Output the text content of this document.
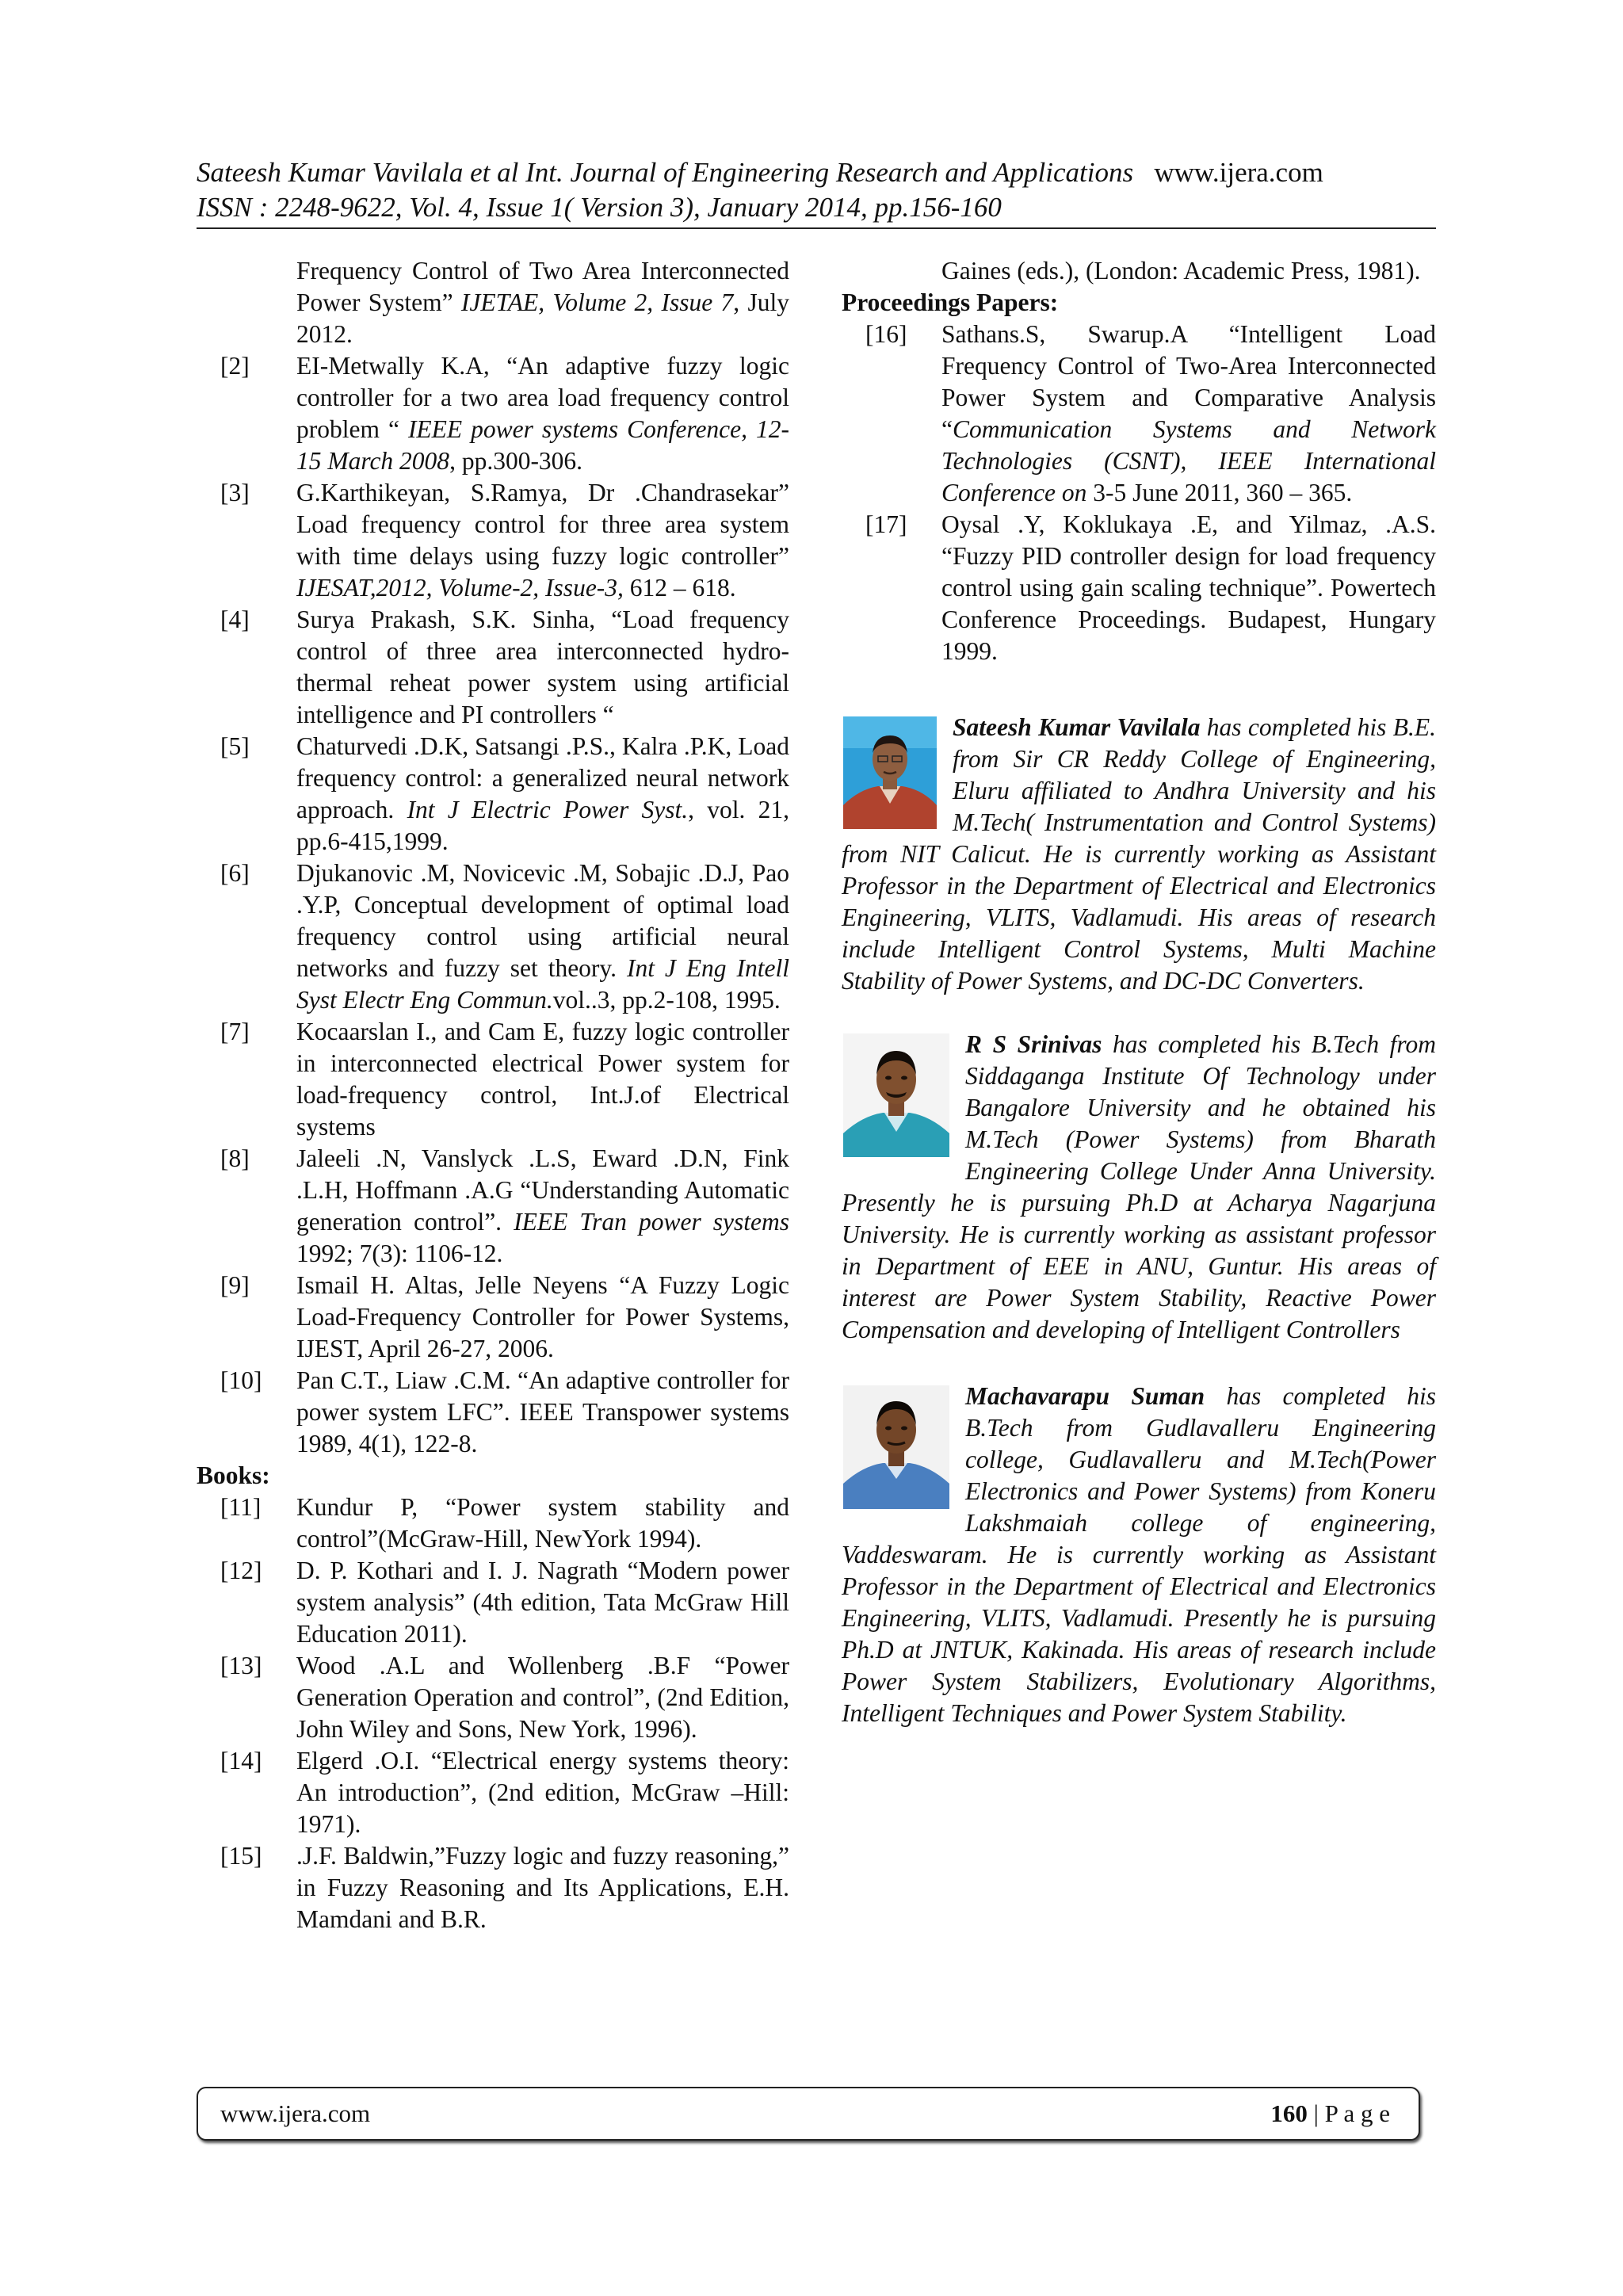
Sateesh Kumar Vavilala et al Int. Journal of Engineering Research and Applications www.ijera.com
ISSN : 2248-9622, Vol. 4, Issue 1( Version 3), January 2014, pp.156-160
Frequency Control of Two Area Interconnected Power System” IJETAE, Volume 2, Issue 7, July 2012.
[2]	EI-Metwally K.A, “An adaptive fuzzy logic controller for a two area load frequency control problem “ IEEE power systems Conference, 12-15 March 2008, pp.300-306.
[3]	G.Karthikeyan, S.Ramya, Dr .Chandrasekar” Load frequency control for three area system with time delays using fuzzy logic controller” IJESAT,2012, Volume-2, Issue-3, 612 – 618.
[4]	Surya Prakash, S.K. Sinha, “Load frequency control of three area interconnected hydro-thermal reheat power system using artificial intelligence and PI controllers “
[5]	Chaturvedi .D.K, Satsangi .P.S., Kalra .P.K, Load frequency control: a generalized neural network approach. Int J Electric Power Syst., vol. 21, pp.6-415,1999.
[6]	Djukanovic .M, Novicevic .M, Sobajic .D.J, Pao .Y.P, Conceptual development of optimal load frequency control using artificial neural networks and fuzzy set theory. Int J Eng Intell Syst Electr Eng Commun.vol..3, pp.2-108, 1995.
[7]	Kocaarslan I., and Cam E, fuzzy logic controller in interconnected electrical Power system for load-frequency control, Int.J.of Electrical systems
[8]	Jaleeli .N, Vanslyck .L.S, Eward .D.N, Fink .L.H, Hoffmann .A.G “Understanding Automatic generation control”. IEEE Tran power systems 1992; 7(3): 1106-12.
[9]	Ismail H. Altas, Jelle Neyens “A Fuzzy Logic Load-Frequency Controller for Power Systems, IJEST, April 26-27, 2006.
[10]	Pan C.T., Liaw .C.M. “An adaptive controller for power system LFC”. IEEE Transpower systems 1989, 4(1), 122-8.
Books:
[11]	Kundur P, “Power system stability and control”(McGraw-Hill, NewYork 1994).
[12]	D. P. Kothari and I. J. Nagrath “Modern power system analysis” (4th edition, Tata McGraw Hill Education 2011).
[13]	Wood .A.L and Wollenberg .B.F “Power Generation Operation and control”, (2nd Edition, John Wiley and Sons, New York, 1996).
[14]	Elgerd .O.I. “Electrical energy systems theory: An introduction”, (2nd edition, McGraw –Hill: 1971).
[15]	.J.F. Baldwin,”Fuzzy logic and fuzzy reasoning,” in Fuzzy Reasoning and Its Applications, E.H. Mamdani and B.R.
Gaines (eds.), (London: Academic Press, 1981).
Proceedings Papers:
[16]	Sathans.S, Swarup.A “Intelligent Load Frequency Control of Two-Area Interconnected Power System and Comparative Analysis “Communication Systems and Network Technologies (CSNT), IEEE International Conference on 3-5 June 2011, 360 – 365.
[17]	Oysal .Y, Koklukaya .E, and Yilmaz, .A.S. “Fuzzy PID controller design for load frequency control using gain scaling technique”. Powertech Conference Proceedings. Budapest, Hungary 1999.
Sateesh Kumar Vavilala has completed his B.E. from Sir CR Reddy College of Engineering, Eluru affiliated to Andhra University and his M.Tech( Instrumentation and Control Systems) from NIT Calicut. He is currently working as Assistant Professor in the Department of Electrical and Electronics Engineering, VLITS, Vadlamudi. His areas of research include Intelligent Control Systems, Multi Machine Stability of Power Systems, and DC-DC Converters.
R S Srinivas has completed his B.Tech from Siddaganga Institute Of Technology under Bangalore University and he obtained his M.Tech (Power Systems) from Bharath Engineering College Under Anna University. Presently he is pursuing Ph.D at Acharya Nagarjuna University. He is currently working as assistant professor in Department of EEE in ANU, Guntur. His areas of interest are Power System Stability, Reactive Power Compensation and developing of Intelligent Controllers
Machavarapu Suman has completed his B.Tech from Gudlavalleru Engineering college, Gudlavalleru and M.Tech(Power Electronics and Power Systems) from Koneru Lakshmaiah college of engineering, Vaddeswaram. He is currently working as Assistant Professor in the Department of Electrical and Electronics Engineering, VLITS, Vadlamudi. Presently he is pursuing Ph.D at JNTUK, Kakinada. His areas of research include Power System Stabilizers, Evolutionary Algorithms, Intelligent Techniques and Power System Stability.
www.ijera.com	160 | P a g e
